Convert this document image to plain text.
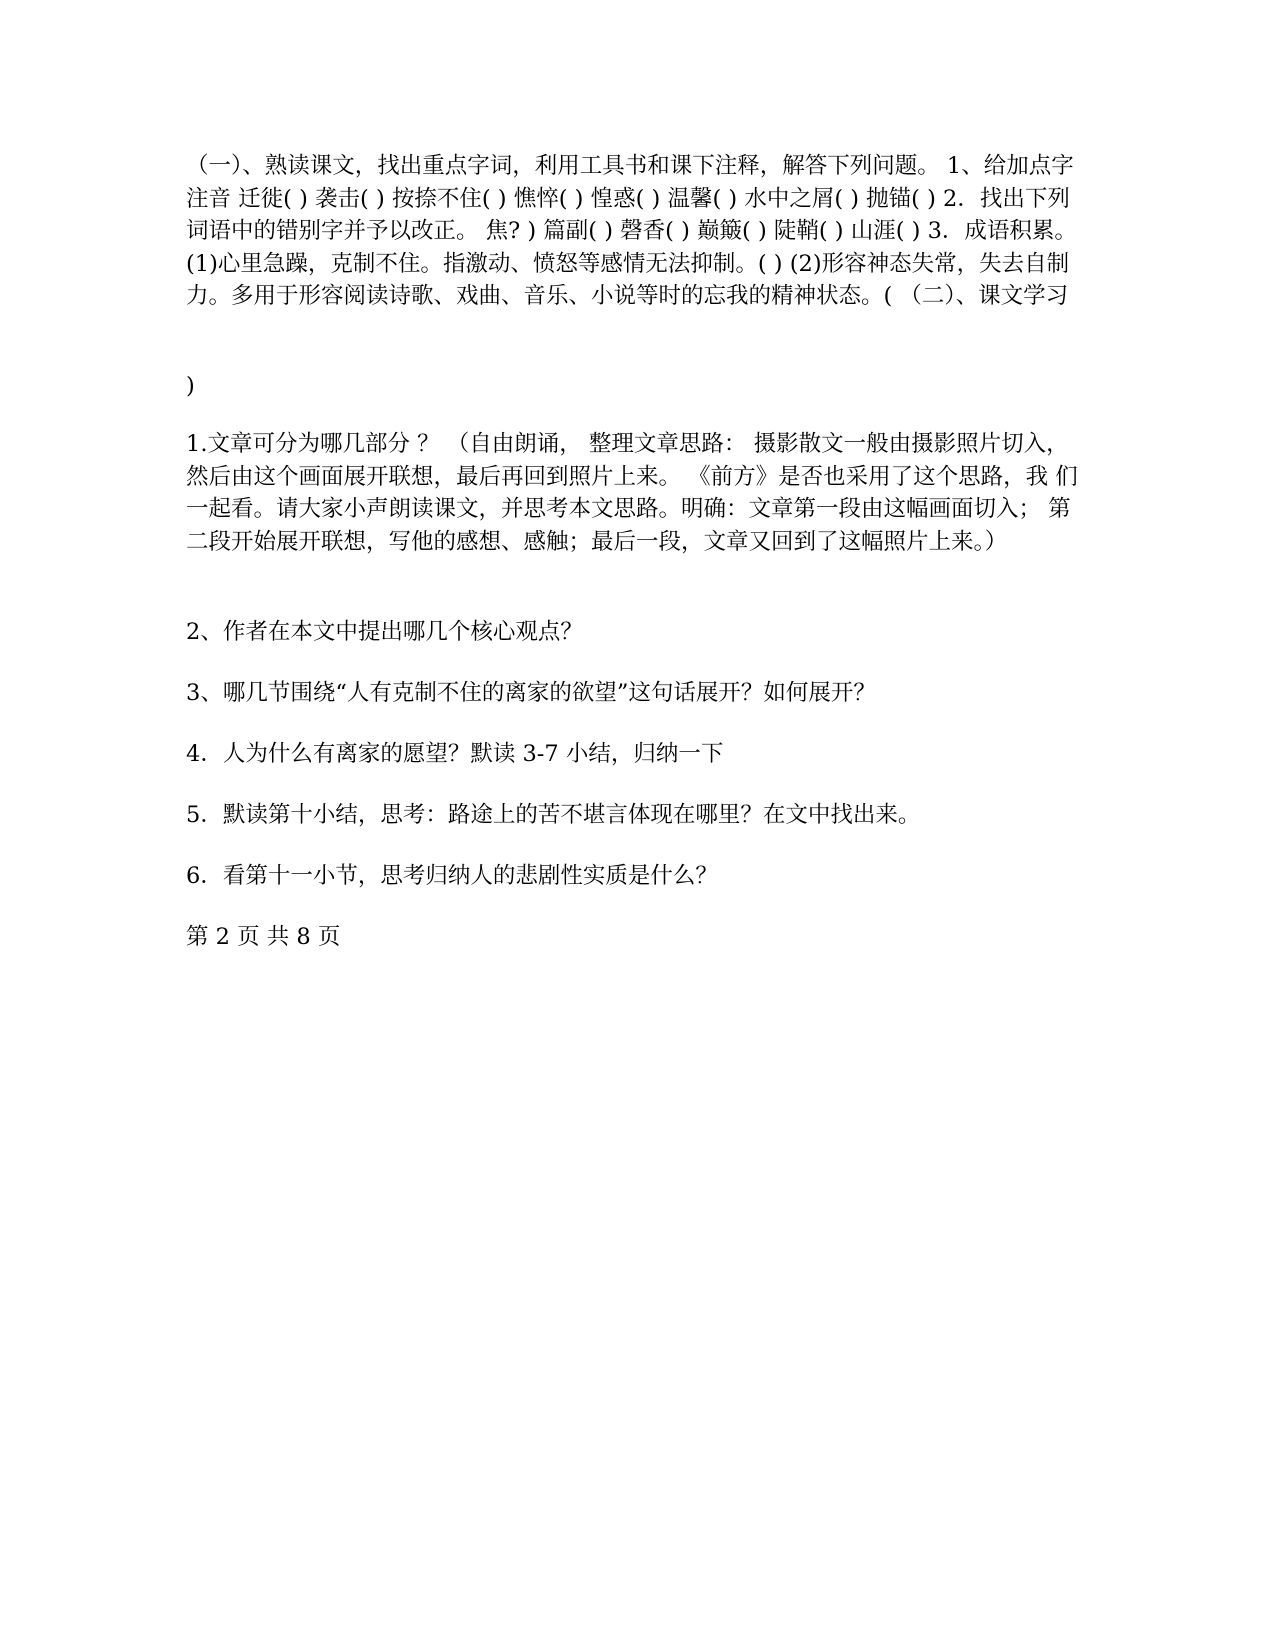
（一）、熟读课文，找出重点字词，利用工具书和课下注释，解答下列问题。 1、给加点字注音 迁徙( ) 袭击( ) 按捺不住( ) 憔悴( ) 惶惑( ) 温馨( ) 水中之屑( ) 抛锚( ) 2．找出下列词语中的错别字并予以改正。 焦? ) 篇副( ) 磬香( ) 巅簸( ) 陡鞘( ) 山涯( ) 3．成语积累。 (1)心里急躁，克制不住。指激动、愤怒等感情无法抑制。( ) (2)形容神态失常，失去自制力。多用于形容阅读诗歌、戏曲、音乐、小说等时的忘我的精神状态。( （二）、课文学习

)

1.文章可分为哪几部分 ？ （自由朗诵， 整理文章思路： 摄影散文一般由摄影照片切入， 然后由这个画面展开联想，最后再回到照片上来。 《前方》是否也采用了这个思路，我 们一起看。请大家小声朗读课文，并思考本文思路。明确：文章第一段由这幅画面切入； 第二段开始展开联想，写他的感想、感触；最后一段，文章又回到了这幅照片上来。）

2、作者在本文中提出哪几个核心观点？

3、哪几节围绕“人有克制不住的离家的欲望”这句话展开？如何展开？

4．人为什么有离家的愿望？默读 3-7 小结，归纳一下

5．默读第十小结，思考：路途上的苦不堪言体现在哪里？在文中找出来。

6．看第十一小节，思考归纳人的悲剧性实质是什么？

第 2 页 共 8 页
